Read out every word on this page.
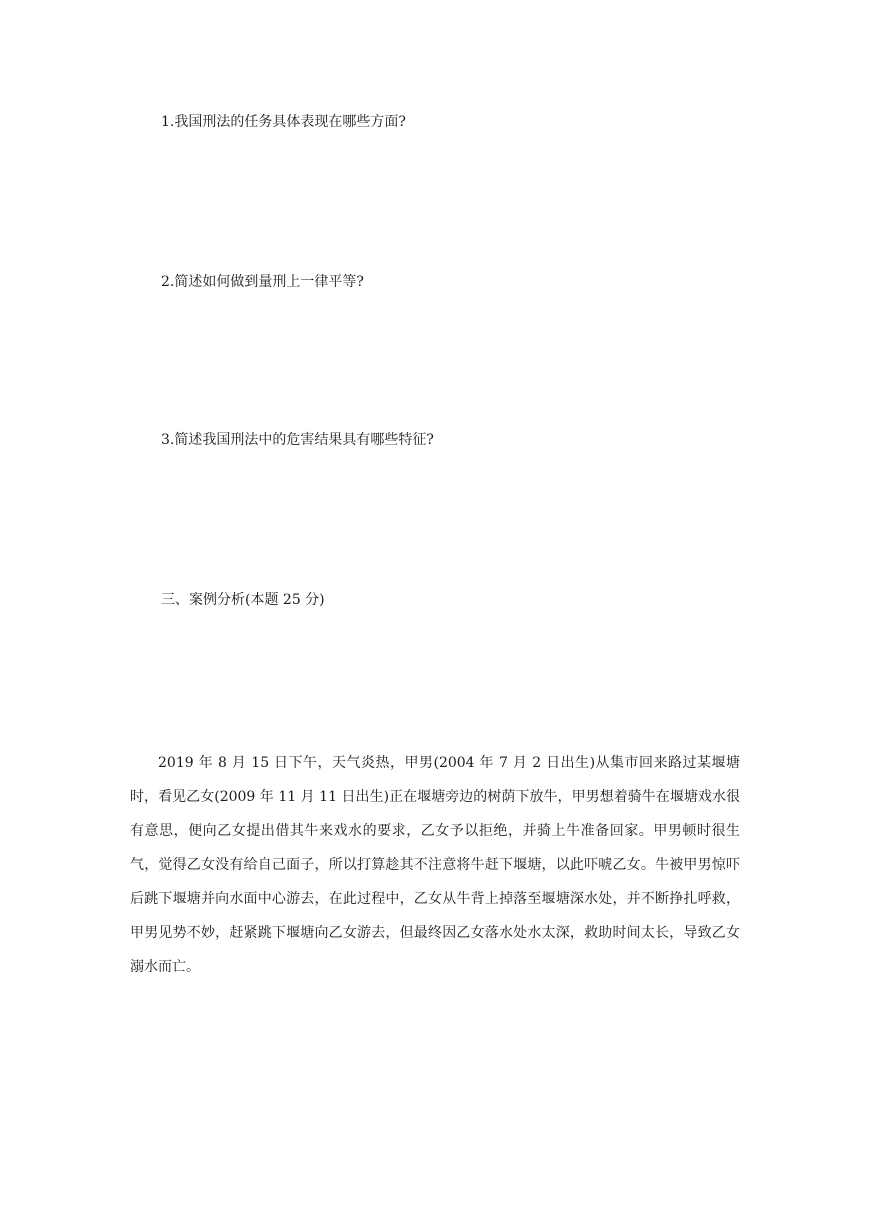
1.我国刑法的任务具体表现在哪些方面?
2.简述如何做到量刑上一律平等?
3.简述我国刑法中的危害结果具有哪些特征?
三、案例分析(本题 25 分)

2019 年 8 月 15 日下午，天气炎热，甲男(2004 年 7 月 2 日出生)从集市回来路过某堰塘时，看见乙女(2009 年 11 月 11 日出生)正在堰塘旁边的树荫下放牛，甲男想着骑牛在堰塘戏水很有意思，便向乙女提出借其牛来戏水的要求，乙女予以拒绝，并骑上牛准备回家。甲男顿时很生气，觉得乙女没有给自己面子，所以打算趁其不注意将牛赶下堰塘，以此吓唬乙女。牛被甲男惊吓后跳下堰塘并向水面中心游去，在此过程中，乙女从牛背上掉落至堰塘深水处，并不断挣扎呼救，甲男见势不妙，赶紧跳下堰塘向乙女游去，但最终因乙女落水处水太深，救助时间太长，导致乙女溺水而亡。
